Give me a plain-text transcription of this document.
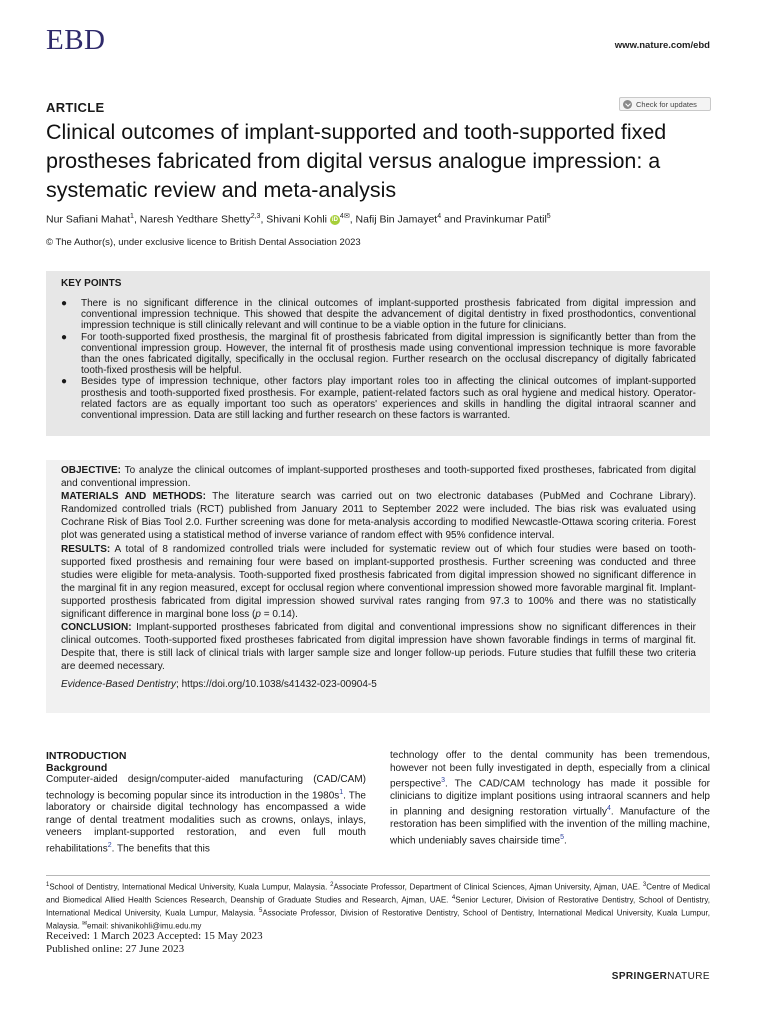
EBD	www.nature.com/ebd
ARTICLE	Check for updates
Clinical outcomes of implant-supported and tooth-supported fixed prostheses fabricated from digital versus analogue impression: a systematic review and meta-analysis
Nur Safiani Mahat$^1$, Naresh Yedthare Shetty$^{2,3}$, Shivani Kohli iD $^{4✉}$, Nafij Bin Jamayet$^4$ and Pravinkumar Patil$^5$
© The Author(s), under exclusive licence to British Dental Association 2023
KEY POINTS
● There is no significant difference in the clinical outcomes of implant-supported prosthesis fabricated from digital impression and conventional impression technique. This showed that despite the advancement of digital dentistry in fixed prosthodontics, conventional impression technique is still clinically relevant and will continue to be a viable option in the future for clinicians.
● For tooth-supported fixed prosthesis, the marginal fit of prosthesis fabricated from digital impression is significantly better than from the conventional impression group. However, the internal fit of prosthesis made using conventional impression technique is more favorable than the ones fabricated digitally, specifically in the occlusal region. Further research on the occlusal discrepancy of digitally fabricated tooth-fixed prosthesis will be helpful.
● Besides type of impression technique, other factors play important roles too in affecting the clinical outcomes of implant-supported prosthesis and tooth-supported fixed prosthesis. For example, patient-related factors such as oral hygiene and medical history. Operator-related factors are as equally important too such as operators' experiences and skills in handling the digital intraoral scanner and conventional impression. Data are still lacking and further research on these factors is warranted.

OBJECTIVE: To analyze the clinical outcomes of implant-supported prostheses and tooth-supported fixed prostheses, fabricated from digital and conventional impression.

MATERIALS AND METHODS: The literature search was carried out on two electronic databases (PubMed and Cochrane Library). Randomized controlled trials (RCT) published from January 2011 to September 2022 were included. The bias risk was evaluated using Cochrane Risk of Bias Tool 2.0. Further screening was done for meta-analysis according to modified Newcastle-Ottawa scoring criteria. Forest plot was generated using a statistical method of inverse variance of random effect with 95% confidence interval.

RESULTS: A total of 8 randomized controlled trials were included for systematic review out of which four studies were based on tooth-supported fixed prosthesis and remaining four were based on implant-supported prosthesis. Further screening was conducted and three studies were eligible for meta-analysis. Tooth-supported fixed prosthesis fabricated from digital impression showed no significant difference in the marginal fit in any region measured, except for occlusal region where conventional impression showed more favorable marginal fit. Implant-supported prosthesis fabricated from digital impression showed survival rates ranging from 97.3 to 100% and there was no statistically significant difference in marginal bone loss (p = 0.14).

CONCLUSION: Implant-supported prostheses fabricated from digital and conventional impressions show no significant differences in their clinical outcomes. Tooth-supported fixed prostheses fabricated from digital impression have shown favorable findings in terms of marginal fit. Despite that, there is still lack of clinical trials with larger sample size and longer follow-up periods. Future studies that fulfill these two criteria are deemed necessary.

Evidence-Based Dentistry; https://doi.org/10.1038/s41432-023-00904-5

INTRODUCTION
Background

Computer-aided design/computer-aided manufacturing (CAD/CAM) technology is becoming popular since its introduction in the 1980s$^1$. The laboratory or chairside digital technology has encompassed a wide range of dental treatment modalities such as crowns, onlays, inlays, veneers implant-supported restoration, and even full mouth rehabilitations$^2$. The benefits that this

technology offer to the dental community has been tremendous, however not been fully investigated in depth, especially from a clinical perspective$^3$. The CAD/CAM technology has made it possible for clinicians to digitize implant positions using intraoral scanners and help in planning and designing restoration virtually$^4$. Manufacture of the restoration has been simplified with the invention of the milling machine, which undeniably saves chairside time$^5$.

$^1$School of Dentistry, International Medical University, Kuala Lumpur, Malaysia. $^2$Associate Professor, Department of Clinical Sciences, Ajman University, Ajman, UAE. $^3$Centre of Medical and Biomedical Allied Health Sciences Research, Deanship of Graduate Studies and Research, Ajman, UAE. $^4$Senior Lecturer, Division of Restorative Dentistry, School of Dentistry, International Medical University, Kuala Lumpur, Malaysia. $^5$Associate Professor, Division of Restorative Dentistry, School of Dentistry, International Medical University, Kuala Lumpur, Malaysia. ✉email: shivanikohli@imu.edu.my
Received: 1 March 2023 Accepted: 15 May 2023
Published online: 27 June 2023
SPRINGERNATURE
